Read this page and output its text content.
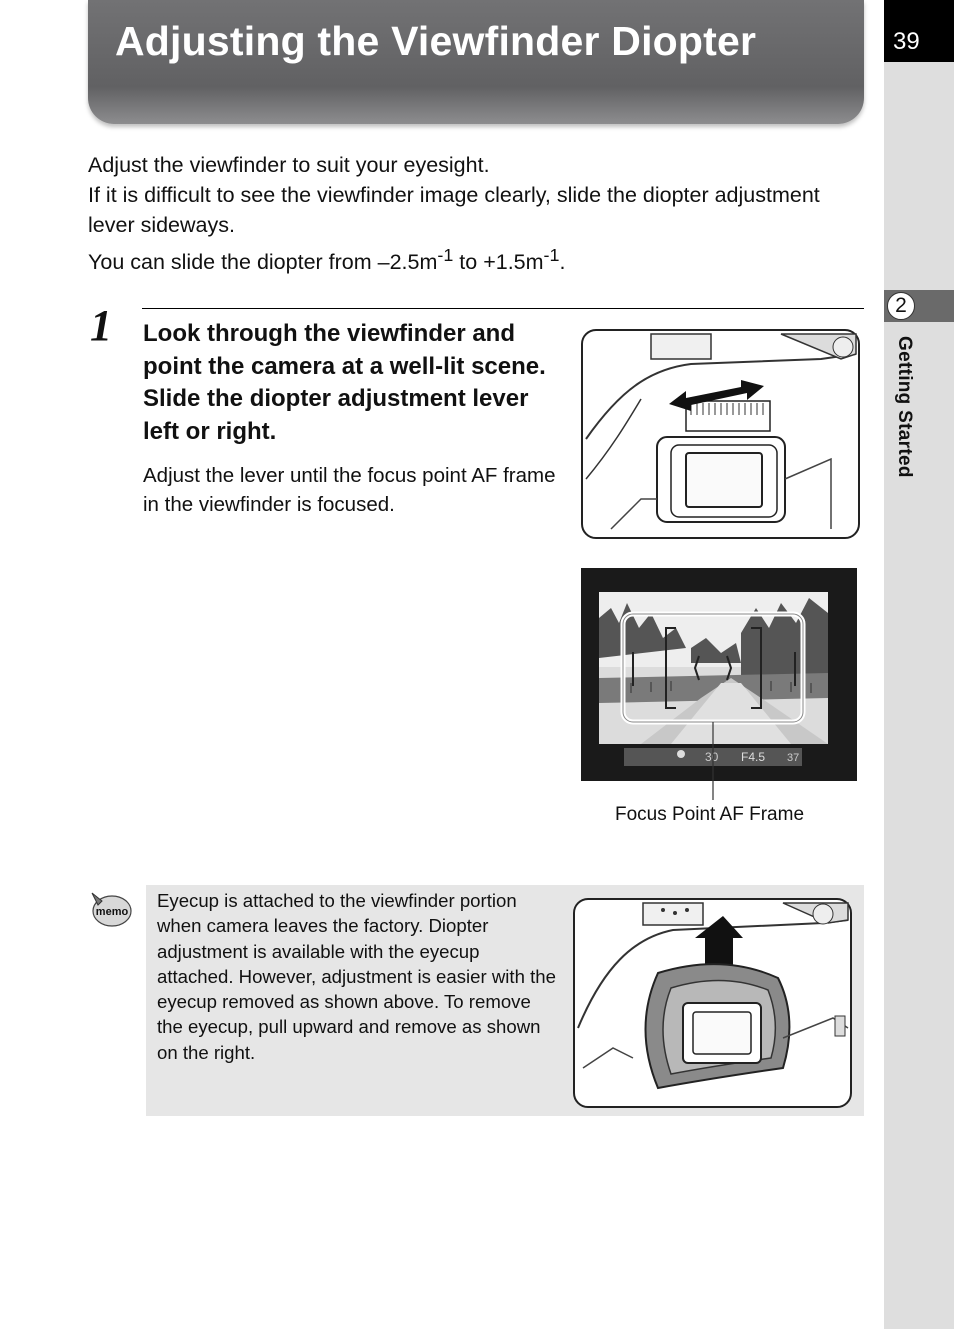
39
2
Getting Started
Adjusting the Viewfinder Diopter

Adjust the viewfinder to suit your eyesight.

If it is difficult to see the viewfinder image clearly, slide the diopter adjustment lever sideways.

You can slide the diopter from $-2.5m^{-1}$ to $+1.5m^{-1}$.

1 Look through the viewfinder and point the camera at a well-lit scene. Slide the diopter adjustment lever left or right.

Adjust the lever until the focus point AF frame in the viewfinder is focused.

30 F4.5 37
Focus Point AF Frame
memo

Eyecup is attached to the viewfinder portion when camera leaves the factory. Diopter adjustment is available with the eyecup attached. However, adjustment is easier with the eyecup removed as shown above. To remove the eyecup, pull upward and remove as shown on the right.
